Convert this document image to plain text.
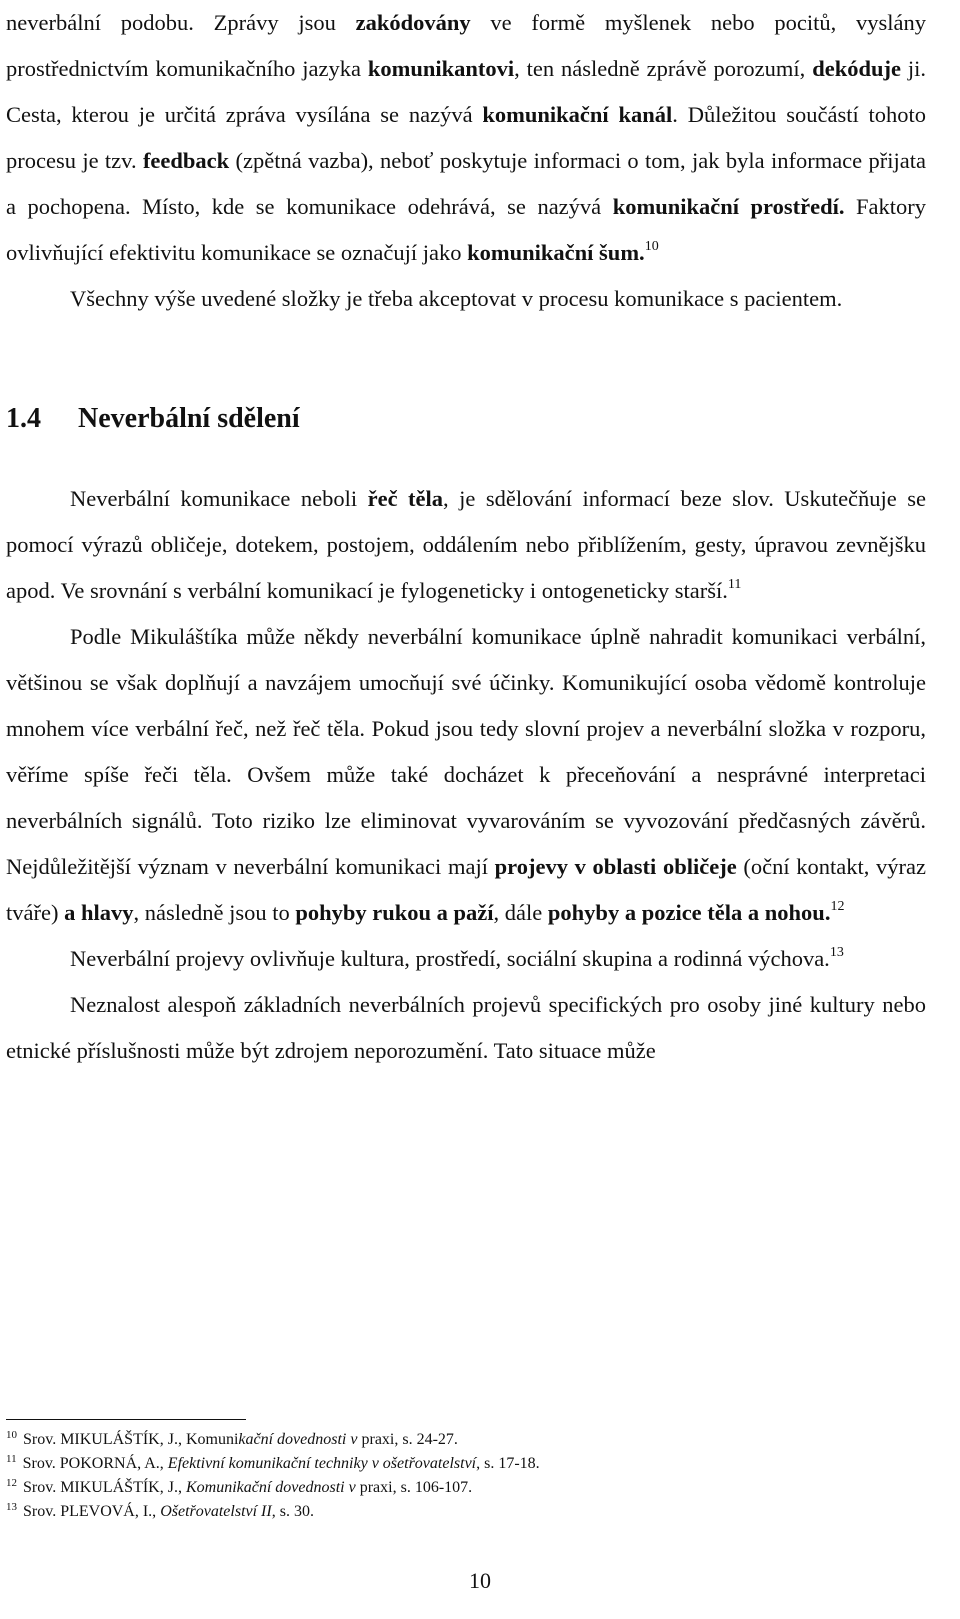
neverbální podobu. Zprávy jsou zakódovány ve formě myšlenek nebo pocitů, vyslány prostřednictvím komunikačního jazyka komunikantovi, ten následně zprávě porozumí, dekóduje ji. Cesta, kterou je určitá zpráva vysílána se nazývá komunikační kanál. Důležitou součástí tohoto procesu je tzv. feedback (zpětná vazba), neboť poskytuje informaci o tom, jak byla informace přijata a pochopena. Místo, kde se komunikace odehrává, se nazývá komunikační prostředí. Faktory ovlivňující efektivitu komunikace se označují jako komunikační šum.$^{10}$

Všechny výše uvedené složky je třeba akceptovat v procesu komunikace s pacientem.

1.4 Neverbální sdělení

Neverbální komunikace neboli řeč těla, je sdělování informací beze slov. Uskutečňuje se pomocí výrazů obličeje, dotekem, postojem, oddálením nebo přiblížením, gesty, úpravou zevnějšku apod. Ve srovnání s verbální komunikací je fylogeneticky i ontogeneticky starší.$^{11}$

Podle Mikuláštíka může někdy neverbální komunikace úplně nahradit komunikaci verbální, většinou se však doplňují a navzájem umocňují své účinky. Komunikující osoba vědomě kontroluje mnohem více verbální řeč, než řeč těla. Pokud jsou tedy slovní projev a neverbální složka v rozporu, věříme spíše řeči těla. Ovšem může také docházet k přeceňování a nesprávné interpretaci neverbálních signálů. Toto riziko lze eliminovat vyvarováním se vyvozování předčasných závěrů. Nejdůležitější význam v neverbální komunikaci mají projevy v oblasti obličeje (oční kontakt, výraz tváře) a hlavy, následně jsou to pohyby rukou a paží, dále pohyby a pozice těla a nohou.$^{12}$

Neverbální projevy ovlivňuje kultura, prostředí, sociální skupina a rodinná výchova.$^{13}$

Neznalost alespoň základních neverbálních projevů specifických pro osoby jiné kultury nebo etnické příslušnosti může být zdrojem neporozumění. Tato situace může

$^{10}$ Srov. MIKULÁŠTÍK, J., Komunikační dovednosti v praxi, s. 24-27.
$^{11}$ Srov. POKORNÁ, A., Efektivní komunikační techniky v ošetřovatelství, s. 17-18.
$^{12}$ Srov. MIKULÁŠTÍK, J., Komunikační dovednosti v praxi, s. 106-107.
$^{13}$ Srov. PLEVOVÁ, I., Ošetřovatelství II, s. 30.
10
